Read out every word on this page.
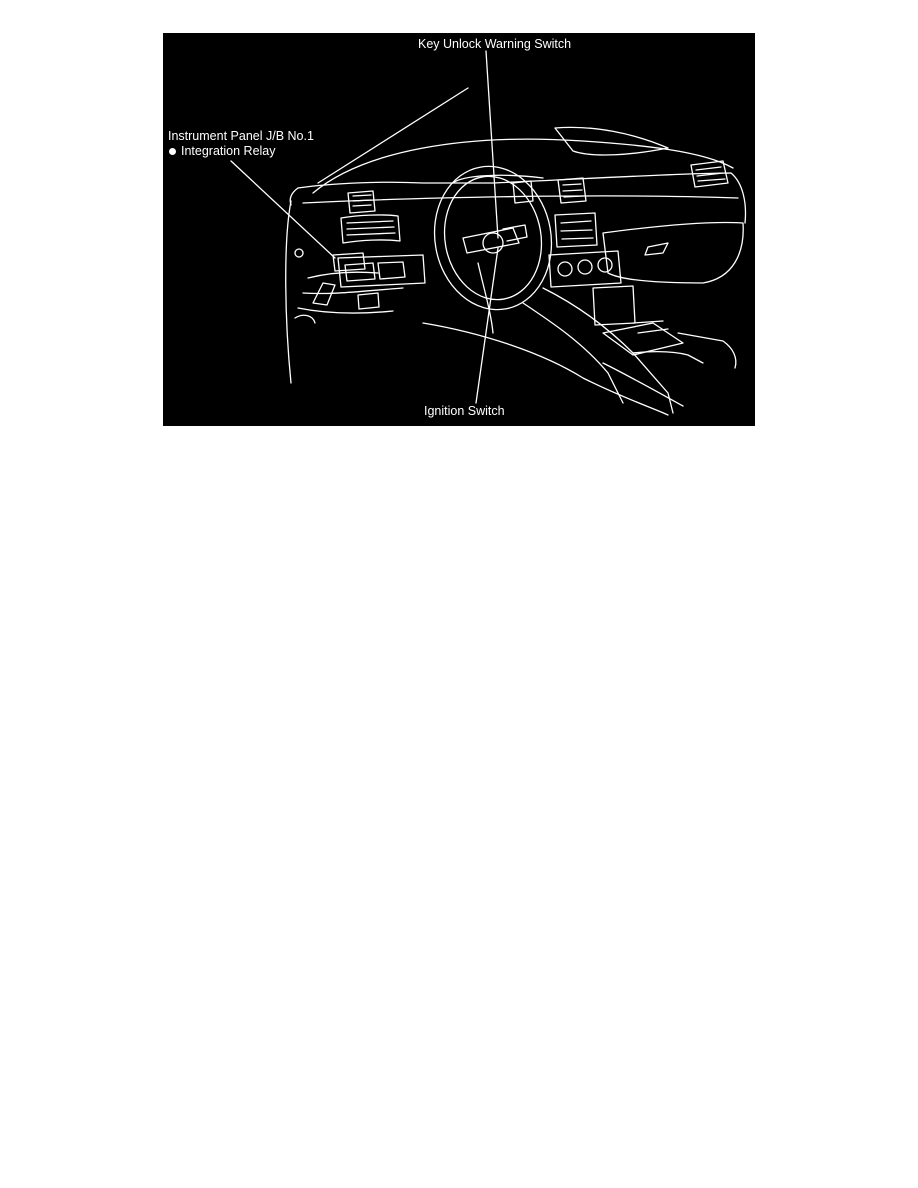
Key Unlock Warning Switch
Instrument Panel J/B No.1
Integration Relay
Ignition Switch
